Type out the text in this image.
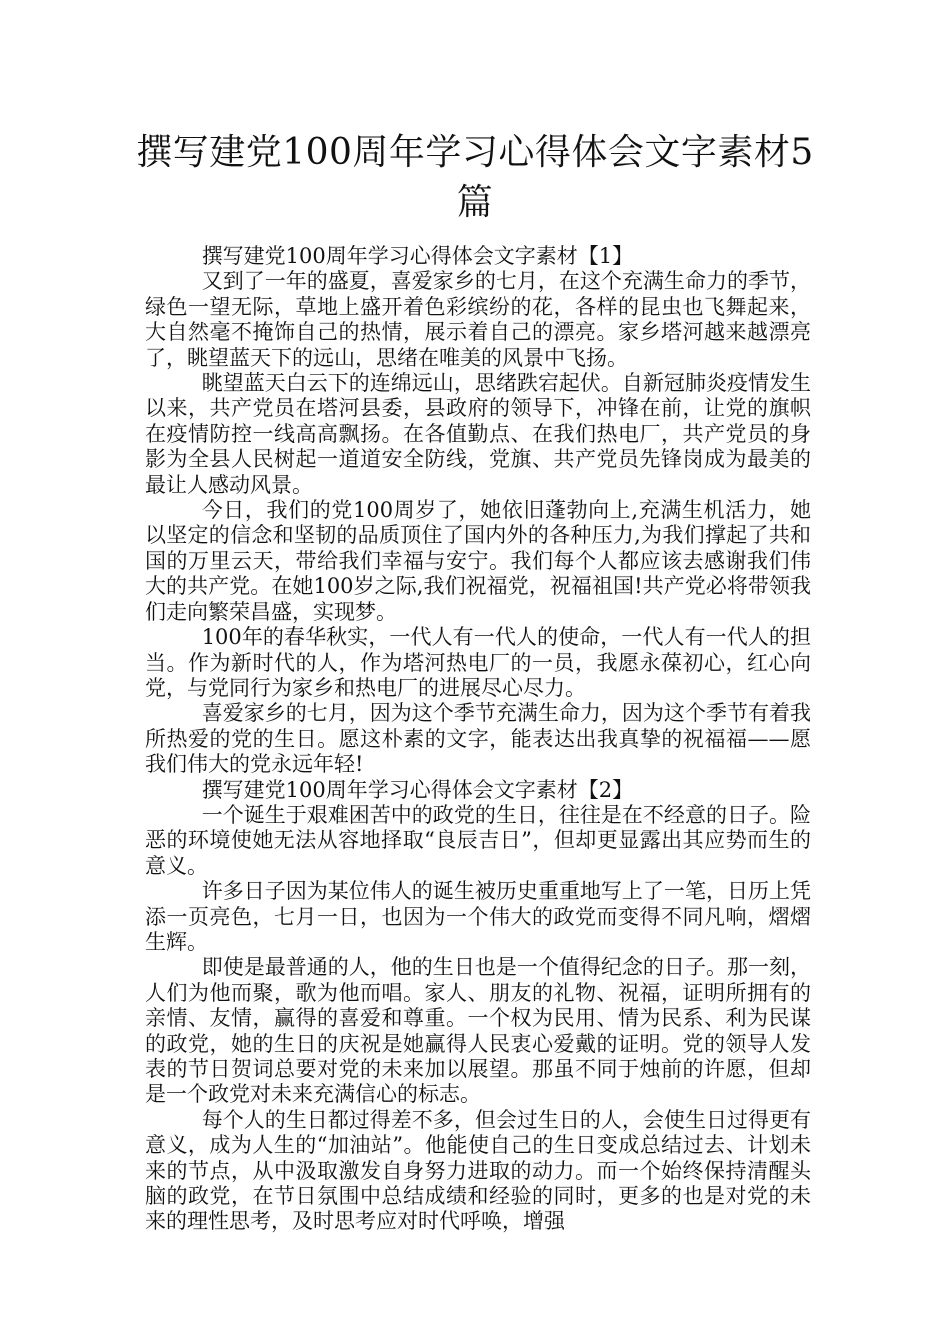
撰写建党100周年学习心得体会文字素材5篇

撰写建党100周年学习心得体会文字素材【1】

又到了一年的盛夏，喜爱家乡的七月，在这个充满生命力的季节，绿色一望无际，草地上盛开着色彩缤纷的花，各样的昆虫也飞舞起来，大自然毫不掩饰自己的热情，展示着自己的漂亮。家乡塔河越来越漂亮了，眺望蓝天下的远山，思绪在唯美的风景中飞扬。

眺望蓝天白云下的连绵远山，思绪跌宕起伏。自新冠肺炎疫情发生以来，共产党员在塔河县委，县政府的领导下，冲锋在前，让党的旗帜在疫情防控一线高高飘扬。在各值勤点、在我们热电厂，共产党员的身影为全县人民树起一道道安全防线，党旗、共产党员先锋岗成为最美的最让人感动风景。

今日，我们的党100周岁了，她依旧蓬勃向上,充满生机活力，她以坚定的信念和坚韧的品质顶住了国内外的各种压力,为我们撑起了共和国的万里云天，带给我们幸福与安宁。我们每个人都应该去感谢我们伟大的共产党。在她100岁之际,我们祝福党，祝福祖国!共产党必将带领我们走向繁荣昌盛，实现梦。

100年的春华秋实，一代人有一代人的使命，一代人有一代人的担当。作为新时代的人，作为塔河热电厂的一员，我愿永葆初心，红心向党，与党同行为家乡和热电厂的进展尽心尽力。

喜爱家乡的七月，因为这个季节充满生命力，因为这个季节有着我所热爱的党的生日。愿这朴素的文字，能表达出我真挚的祝福福——愿我们伟大的党永远年轻!

撰写建党100周年学习心得体会文字素材【2】

一个诞生于艰难困苦中的政党的生日，往往是在不经意的日子。险恶的环境使她无法从容地择取“良辰吉日”，但却更显露出其应势而生的意义。

许多日子因为某位伟人的诞生被历史重重地写上了一笔，日历上凭添一页亮色，七月一日，也因为一个伟大的政党而变得不同凡响，熠熠生辉。

即使是最普通的人，他的生日也是一个值得纪念的日子。那一刻，人们为他而聚，歌为他而唱。家人、朋友的礼物、祝福，证明所拥有的亲情、友情，赢得的喜爱和尊重。一个权为民用、情为民系、利为民谋的政党，她的生日的庆祝是她赢得人民衷心爱戴的证明。党的领导人发表的节日贺词总要对党的未来加以展望。那虽不同于烛前的许愿，但却是一个政党对未来充满信心的标志。

每个人的生日都过得差不多，但会过生日的人，会使生日过得更有意义，成为人生的“加油站”。他能使自己的生日变成总结过去、计划未来的节点，从中汲取激发自身努力进取的动力。而一个始终保持清醒头脑的政党，在节日氛围中总结成绩和经验的同时，更多的也是对党的未来的理性思考，及时思考应对时代呼唤，增强
